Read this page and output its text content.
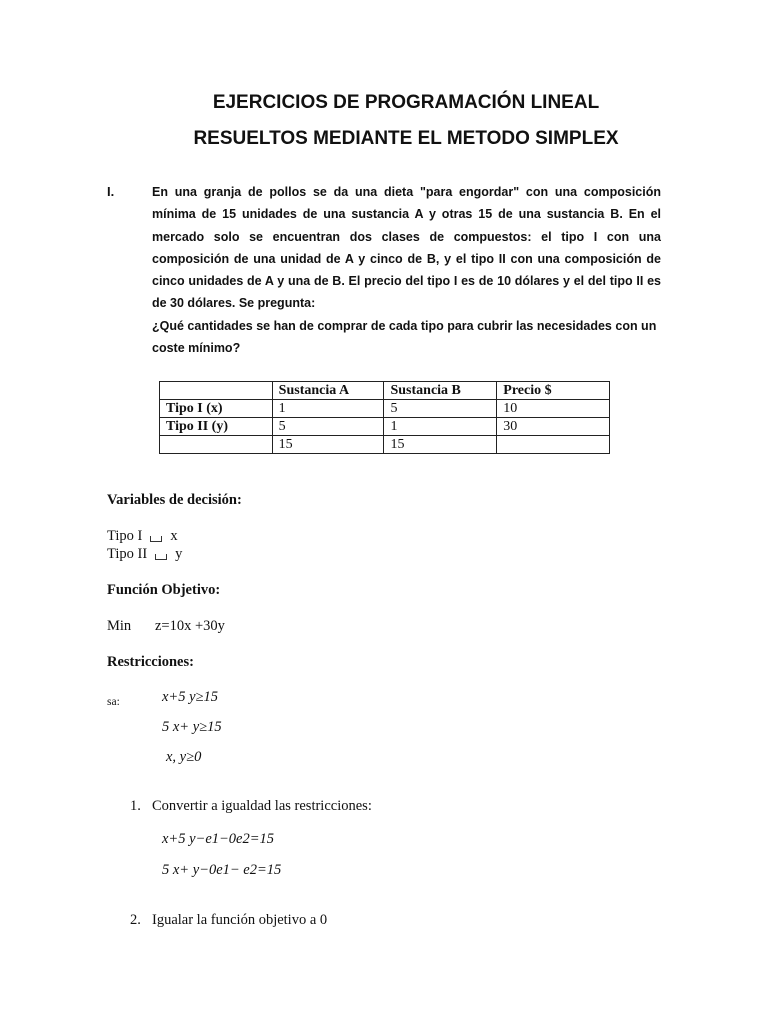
EJERCICIOS DE PROGRAMACIÓN LINEAL
RESUELTOS MEDIANTE EL METODO SIMPLEX
I.	En una granja de pollos se da una dieta "para engordar" con una composición mínima de 15 unidades de una sustancia A y otras 15 de una sustancia B. En el mercado solo se encuentran dos clases de compuestos: el tipo I con una composición de una unidad de A y cinco de B, y el tipo II con una composición de cinco unidades de A y una de B. El precio del tipo I es de 10 dólares y el del tipo II es de 30 dólares. Se pregunta:

¿Qué cantidades se han de comprar de cada tipo para cubrir las necesidades con un coste mínimo?

	Sustancia A	Sustancia B	Precio $
Tipo I (x)	1	5	10
Tipo II (y)	5	1	30
	15	15	
Variables de decisión:
Tipo I x
Tipo II y
Función Objetivo:
Min z=10x +30y
Restricciones:
sa:	x+5 y≥15
5 x+ y≥15
x, y≥0
1. Convertir a igualdad las restricciones:
x+5 y−e1−0e2=15
5 x+ y−0e1− e2=15
2. Igualar la función objetivo a 0
